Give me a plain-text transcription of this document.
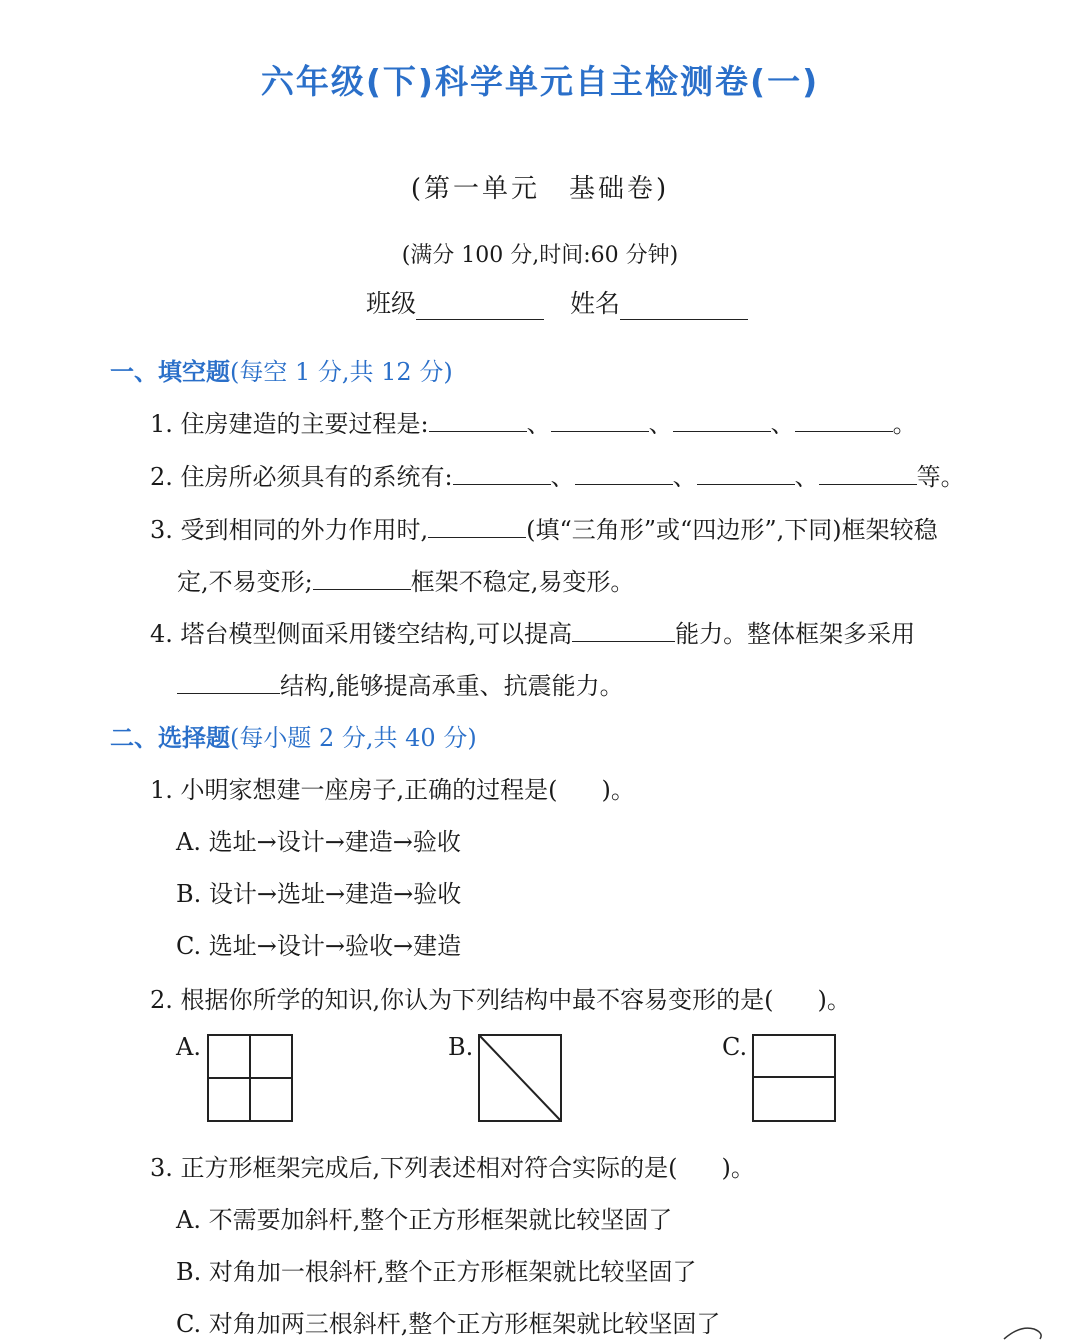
六年级(下)科学单元自主检测卷(一)
(第一单元　基础卷)
(满分 100 分,时间:60 分钟)
班级	姓名
一、填空题(每空 1 分,共 12 分)
1. 住房建造的主要过程是:	、	、	、	。
2. 住房所必须具有的系统有:	、	、	、	等。
3. 受到相同的外力作用时,	(填“三角形”或“四边形”,下同)框架较稳
定,不易变形;	框架不稳定,易变形。
4. 塔台模型侧面采用镂空结构,可以提高	能力。整体框架多采用
结构,能够提高承重、抗震能力。
二、选择题(每小题 2 分,共 40 分)
1. 小明家想建一座房子,正确的过程是( )。
A. 选址→设计→建造→验收
B. 设计→选址→建造→验收
C. 选址→设计→验收→建造
2. 根据你所学的知识,你认为下列结构中最不容易变形的是( )。
A.	B.	C.
3. 正方形框架完成后,下列表述相对符合实际的是( )。
A. 不需要加斜杆,整个正方形框架就比较坚固了
B. 对角加一根斜杆,整个正方形框架就比较坚固了
C. 对角加两三根斜杆,整个正方形框架就比较坚固了
